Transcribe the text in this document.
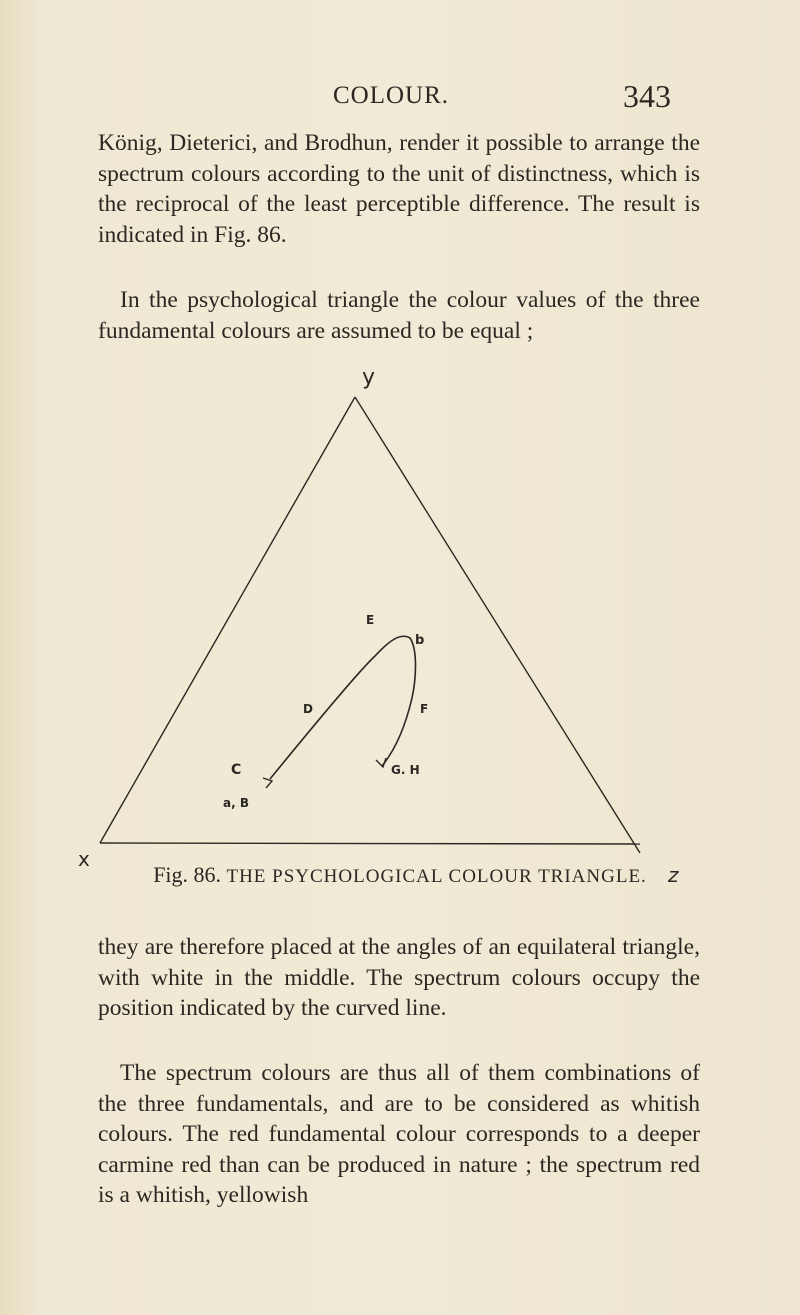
COLOUR.	343

König, Dieterici, and Brodhun, render it possible to arrange the spectrum colours according to the unit of distinctness, which is the reciprocal of the least perceptible difference. The result is indicated in Fig. 86.

In the psychological triangle the colour values of the three fundamental colours are assumed to be equal ;

x
y
z
a, B
C
D
E
b
F
G. H
Fig. 86. THE PSYCHOLOGICAL COLOUR TRIANGLE.

they are therefore placed at the angles of an equilateral triangle, with white in the middle. The spectrum colours occupy the position indicated by the curved line.

The spectrum colours are thus all of them combinations of the three fundamentals, and are to be considered as whitish colours. The red fundamental colour corresponds to a deeper carmine red than can be produced in nature ; the spectrum red is a whitish, yellowish
